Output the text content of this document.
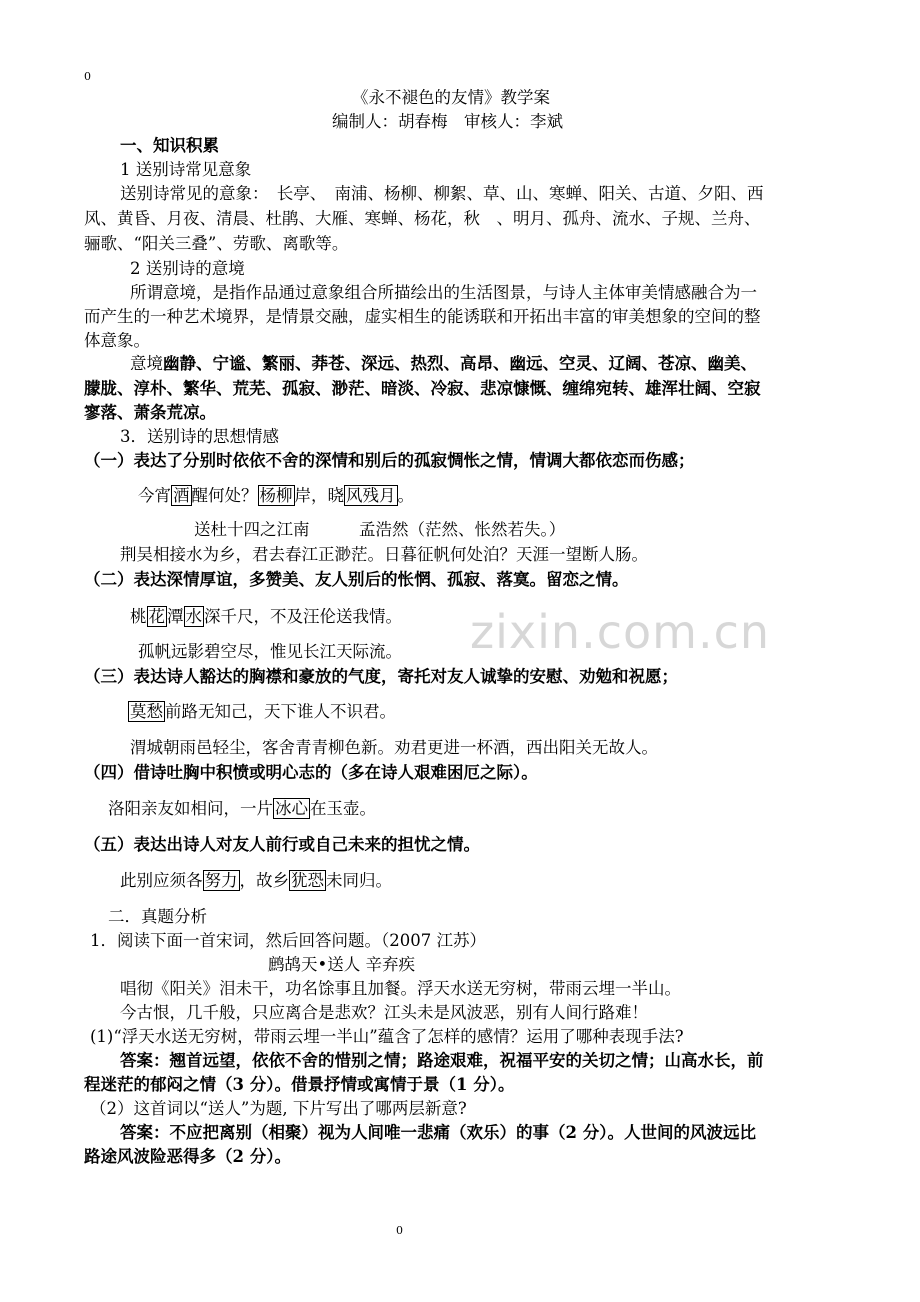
0
zixin.com.cn
《永不褪色的友情》教学案
编制人：胡春梅　审核人：李斌
一、知识积累
1 送别诗常见意象
送别诗常见的意象：　长亭、　南浦、杨柳、柳絮、草、山、寒蝉、阳关、古道、夕阳、西
风、黄昏、月夜、清晨、杜鹃、大雁、寒蝉、杨花，秋　、明月、孤舟、流水、子规、兰舟、
骊歌、“阳关三叠”、劳歌、离歌等。
2 送别诗的意境
所谓意境，是指作品通过意象组合所描绘出的生活图景，与诗人主体审美情感融合为一
而产生的一种艺术境界，是情景交融，虚实相生的能诱联和开拓出丰富的审美想象的空间的整
体意象。
意境幽静、宁谧、繁丽、莽苍、深远、热烈、高昂、幽远、空灵、辽阔、苍凉、幽美、
朦胧、淳朴、繁华、荒芜、孤寂、渺茫、暗淡、冷寂、悲凉慷慨、缠绵宛转、雄浑壮阔、空寂
寥落、萧条荒凉。
3．送别诗的思想情感
（一）表达了分别时依依不舍的深情和别后的孤寂惆怅之情，情调大都依恋而伤感；
今宵 酒 醒何处？ 杨柳 岸，晓 风残月 。
送杜十四之江南　　　孟浩然（茫然、怅然若失。）
荆吴相接水为乡，君去春江正渺茫。日暮征帆何处泊？天涯一望断人肠。
（二）表达深情厚谊，多赞美、友人别后的怅惘、孤寂、落寞。留恋之情。
桃 花 潭 水 深千尺，不及汪伦送我情。
孤帆远影碧空尽，惟见长江天际流。
（三）表达诗人豁达的胸襟和豪放的气度，寄托对友人诚挚的安慰、劝勉和祝愿；
莫愁 前路无知己，天下谁人不识君。
渭城朝雨邑轻尘，客舍青青柳色新。劝君更进一杯酒，西出阳关无故人。
（四）借诗吐胸中积愤或明心志的（多在诗人艰难困厄之际）。
洛阳亲友如相问，一片 冰心 在玉壶。
（五）表达出诗人对友人前行或自己未来的担忧之情。
此别应须各 努力 ，故乡 犹恐 未同归。
二．真题分析
1．阅读下面一首宋词，然后回答问题。（2007 江苏）
鹧鸪天•送人 辛弃疾
唱彻《阳关》泪未干，功名馀事且加餐。浮天水送无穷树，带雨云埋一半山。
今古恨，几千般，只应离合是悲欢？江头未是风波恶，别有人间行路难！
(1)“浮天水送无穷树，带雨云埋一半山”蕴含了怎样的感情？运用了哪种表现手法?
答案：翘首远望，依依不舍的惜别之情；路途艰难，祝福平安的关切之情；山高水长，前
程迷茫的郁闷之情（3 分）。借景抒情或寓情于景（1 分）。
（2）这首词以“送人”为题, 下片写出了哪两层新意?
答案：不应把离别（相聚）视为人间唯一悲痛（欢乐）的事（2 分）。人世间的风波远比
路途风波险恶得多（2 分）。
0
